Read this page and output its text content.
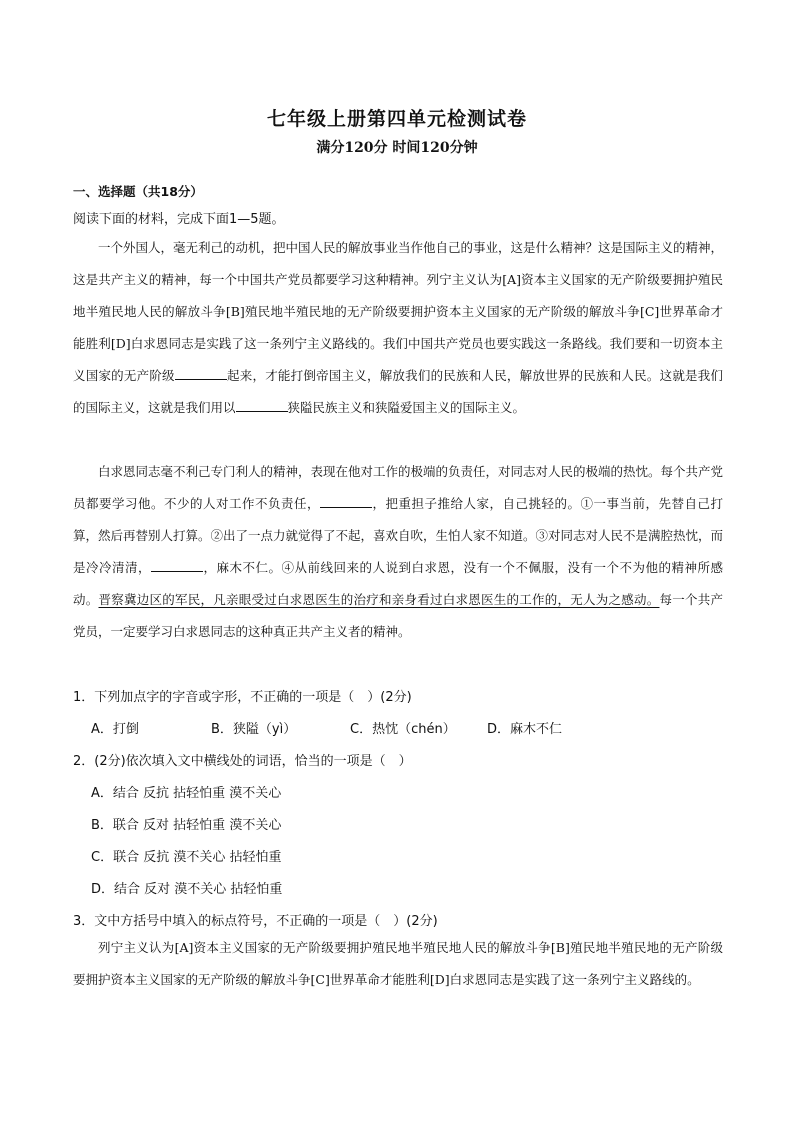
七年级上册第四单元检测试卷
满分120分 时间120分钟
一、选择题（共18分）
阅读下面的材料，完成下面1—5题。

一个外国人，毫无利己的动机，把中国人民的解放事业当作他自己的事业，这是什么精神？这是国际主义的精神，这是共产主义的精神，每一个中国共产党员都要学习这种精神。列宁主义认为[A]资本主义国家的无产阶级要拥护殖民地半殖民地人民的解放斗争[B]殖民地半殖民地的无产阶级要拥护资本主义国家的无产阶级的解放斗争[C]世界革命才能胜利[D]白求恩同志是实践了这一条列宁主义路线的。我们中国共产党员也要实践这一条路线。我们要和一切资本主义国家的无产阶级	起来，才能打倒帝国主义，解放我们的民族和人民，解放世界的民族和人民。这就是我们的国际主义，这就是我们用以	狭隘民族主义和狭隘爱国主义的国际主义。

白求恩同志毫不利己专门利人的精神，表现在他对工作的极端的负责任，对同志对人民的极端的热忱。每个共产党员都要学习他。不少的人对工作不负责任，	，把重担子推给人家，自己挑轻的。①一事当前，先替自己打算，然后再替别人打算。②出了一点力就觉得了不起，喜欢自吹，生怕人家不知道。③对同志对人民不是满腔热忱，而是冷冷清清，	，麻木不仁。④从前线回来的人说到白求恩，没有一个不佩服，没有一个不为他的精神所感动。晋察冀边区的军民，凡亲眼受过白求恩医生的治疗和亲身看过白求恩医生的工作的，无人为之感动。每一个共产党员，一定要学习白求恩同志的这种真正共产主义者的精神。

1．下列加点字的字音或字形，不正确的一项是（　）(2分)
A．打倒	B．狭隘（yì）	C．热忱（chén） D．麻木不仁
2．(2分)依次填入文中横线处的词语，恰当的一项是（　）
A．结合 反抗 拈轻怕重 漠不关心
B．联合 反对 拈轻怕重 漠不关心
C．联合 反抗 漠不关心 拈轻怕重
D．结合 反对 漠不关心 拈轻怕重
3．文中方括号中填入的标点符号，不正确的一项是（　）(2分)

列宁主义认为[A]资本主义国家的无产阶级要拥护殖民地半殖民地人民的解放斗争[B]殖民地半殖民地的无产阶级要拥护资本主义国家的无产阶级的解放斗争[C]世界革命才能胜利[D]白求恩同志是实践了这一条列宁主义路线的。
